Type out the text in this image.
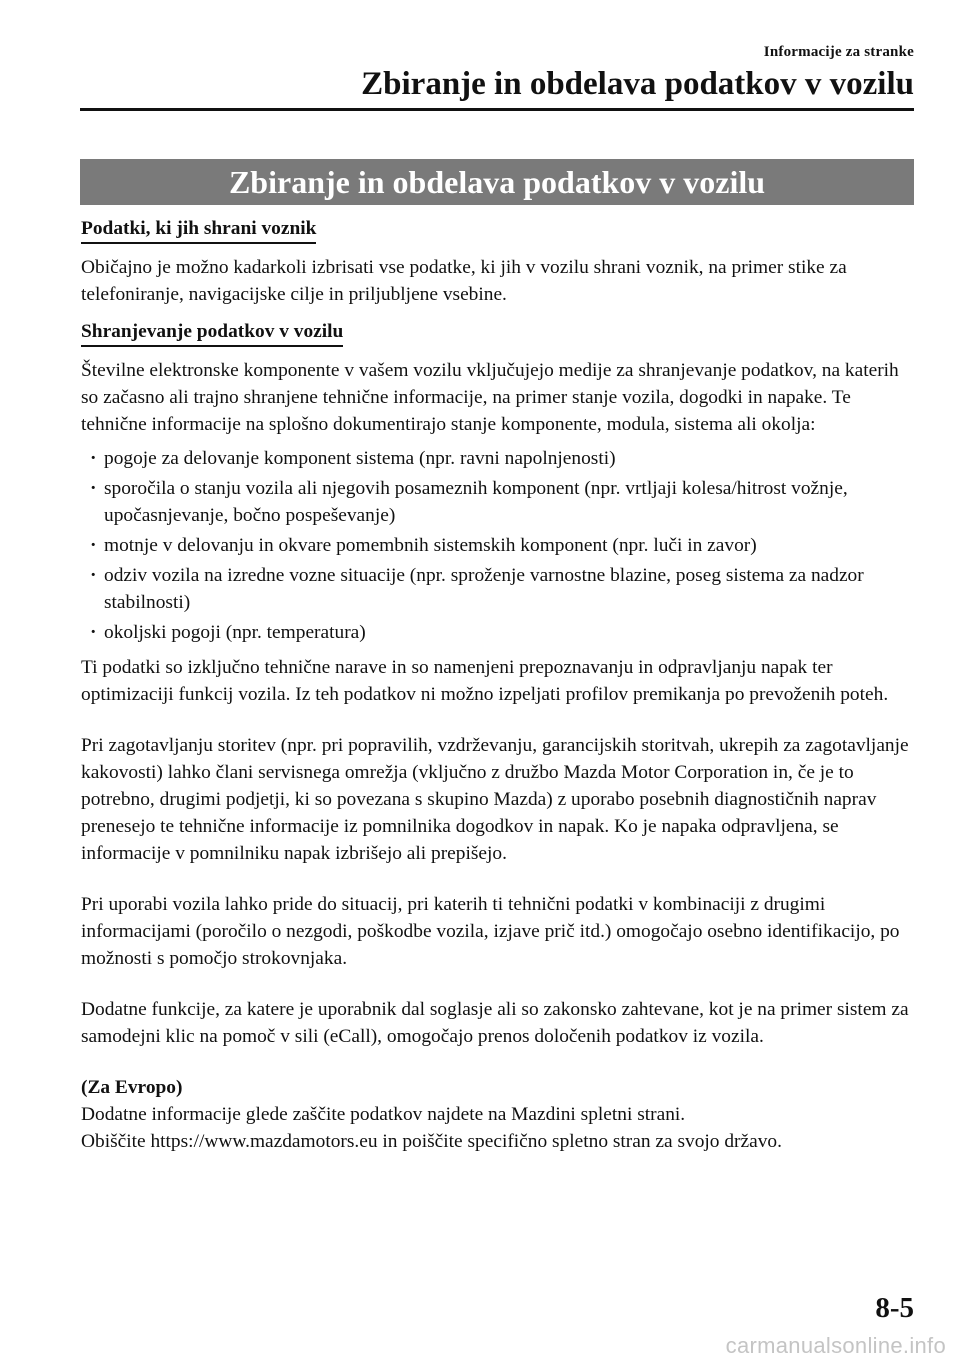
Informacije za stranke
Zbiranje in obdelava podatkov v vozilu
Zbiranje in obdelava podatkov v vozilu
Podatki, ki jih shrani voznik

Običajno je možno kadarkoli izbrisati vse podatke, ki jih v vozilu shrani voznik, na primer stike za telefoniranje, navigacijske cilje in priljubljene vsebine.

Shranjevanje podatkov v vozilu

Številne elektronske komponente v vašem vozilu vključujejo medije za shranjevanje podatkov, na katerih so začasno ali trajno shranjene tehnične informacije, na primer stanje vozila, dogodki in napake. Te tehnične informacije na splošno dokumentirajo stanje komponente, modula, sistema ali okolja:

· pogoje za delovanje komponent sistema (npr. ravni napolnjenosti)
· sporočila o stanju vozila ali njegovih posameznih komponent (npr. vrtljaji kolesa/hitrost vožnje, upočasnjevanje, bočno pospeševanje)
· motnje v delovanju in okvare pomembnih sistemskih komponent (npr. luči in zavor)
· odziv vozila na izredne vozne situacije (npr. sproženje varnostne blazine, poseg sistema za nadzor stabilnosti)
· okoljski pogoji (npr. temperatura)

Ti podatki so izključno tehnične narave in so namenjeni prepoznavanju in odpravljanju napak ter optimizaciji funkcij vozila. Iz teh podatkov ni možno izpeljati profilov premikanja po prevoženih poteh.

Pri zagotavljanju storitev (npr. pri popravilih, vzdrževanju, garancijskih storitvah, ukrepih za zagotavljanje kakovosti) lahko člani servisnega omrežja (vključno z družbo Mazda Motor Corporation in, če je to potrebno, drugimi podjetji, ki so povezana s skupino Mazda) z uporabo posebnih diagnostičnih naprav prenesejo te tehnične informacije iz pomnilnika dogodkov in napak. Ko je napaka odpravljena, se informacije v pomnilniku napak izbrišejo ali prepišejo.

Pri uporabi vozila lahko pride do situacij, pri katerih ti tehnični podatki v kombinaciji z drugimi informacijami (poročilo o nezgodi, poškodbe vozila, izjave prič itd.) omogočajo osebno identifikacijo, po možnosti s pomočjo strokovnjaka.

Dodatne funkcije, za katere je uporabnik dal soglasje ali so zakonsko zahtevane, kot je na primer sistem za samodejni klic na pomoč v sili (eCall), omogočajo prenos določenih podatkov iz vozila.

(Za Evropo)

Dodatne informacije glede zaščite podatkov najdete na Mazdini spletni strani.

Obiščite https://www.mazdamotors.eu in poiščite specifično spletno stran za svojo državo.

8-5
carmanualsonline.info
